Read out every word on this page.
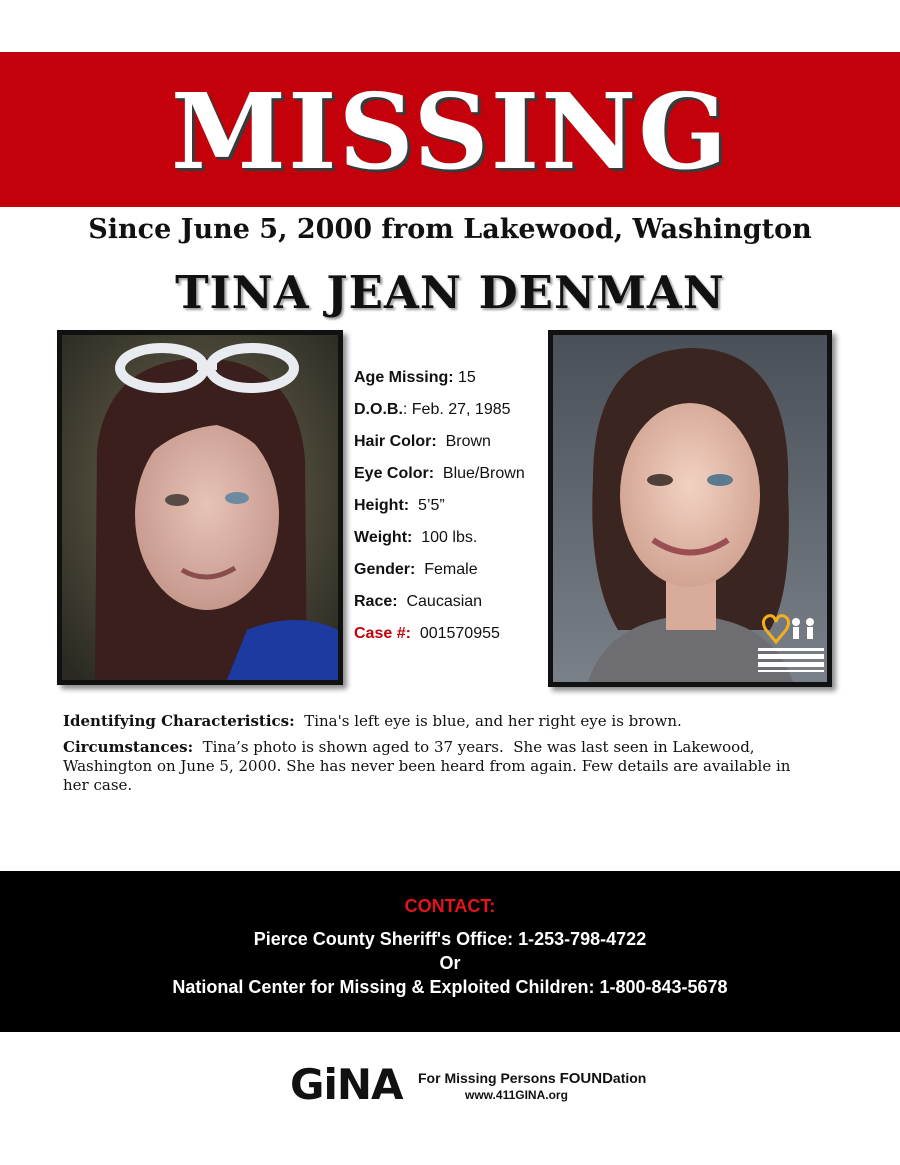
MISSING
Since June 5, 2000 from Lakewood, Washington
TINA JEAN DENMAN
Age Missing: 15
D.O.B.: Feb. 27, 1985
Hair Color:  Brown
Eye Color:  Blue/Brown
Height:  5’5”
Weight:  100 lbs.
Gender:  Female
Race:  Caucasian
Case #:  001570955

Identifying Characteristics:  Tina's left eye is blue, and her right eye is brown.

Circumstances:  Tina’s photo is shown aged to 37 years.  She was last seen in Lakewood, Washington on June 5, 2000. She has never been heard from again. Few details are available in her case.

CONTACT:
Pierce County Sheriff's Office: 1-253-798-4722
Or
National Center for Missing & Exploited Children: 1-800-843-5678
GiNA For Missing Persons FOUNDation
www.411GINA.org
